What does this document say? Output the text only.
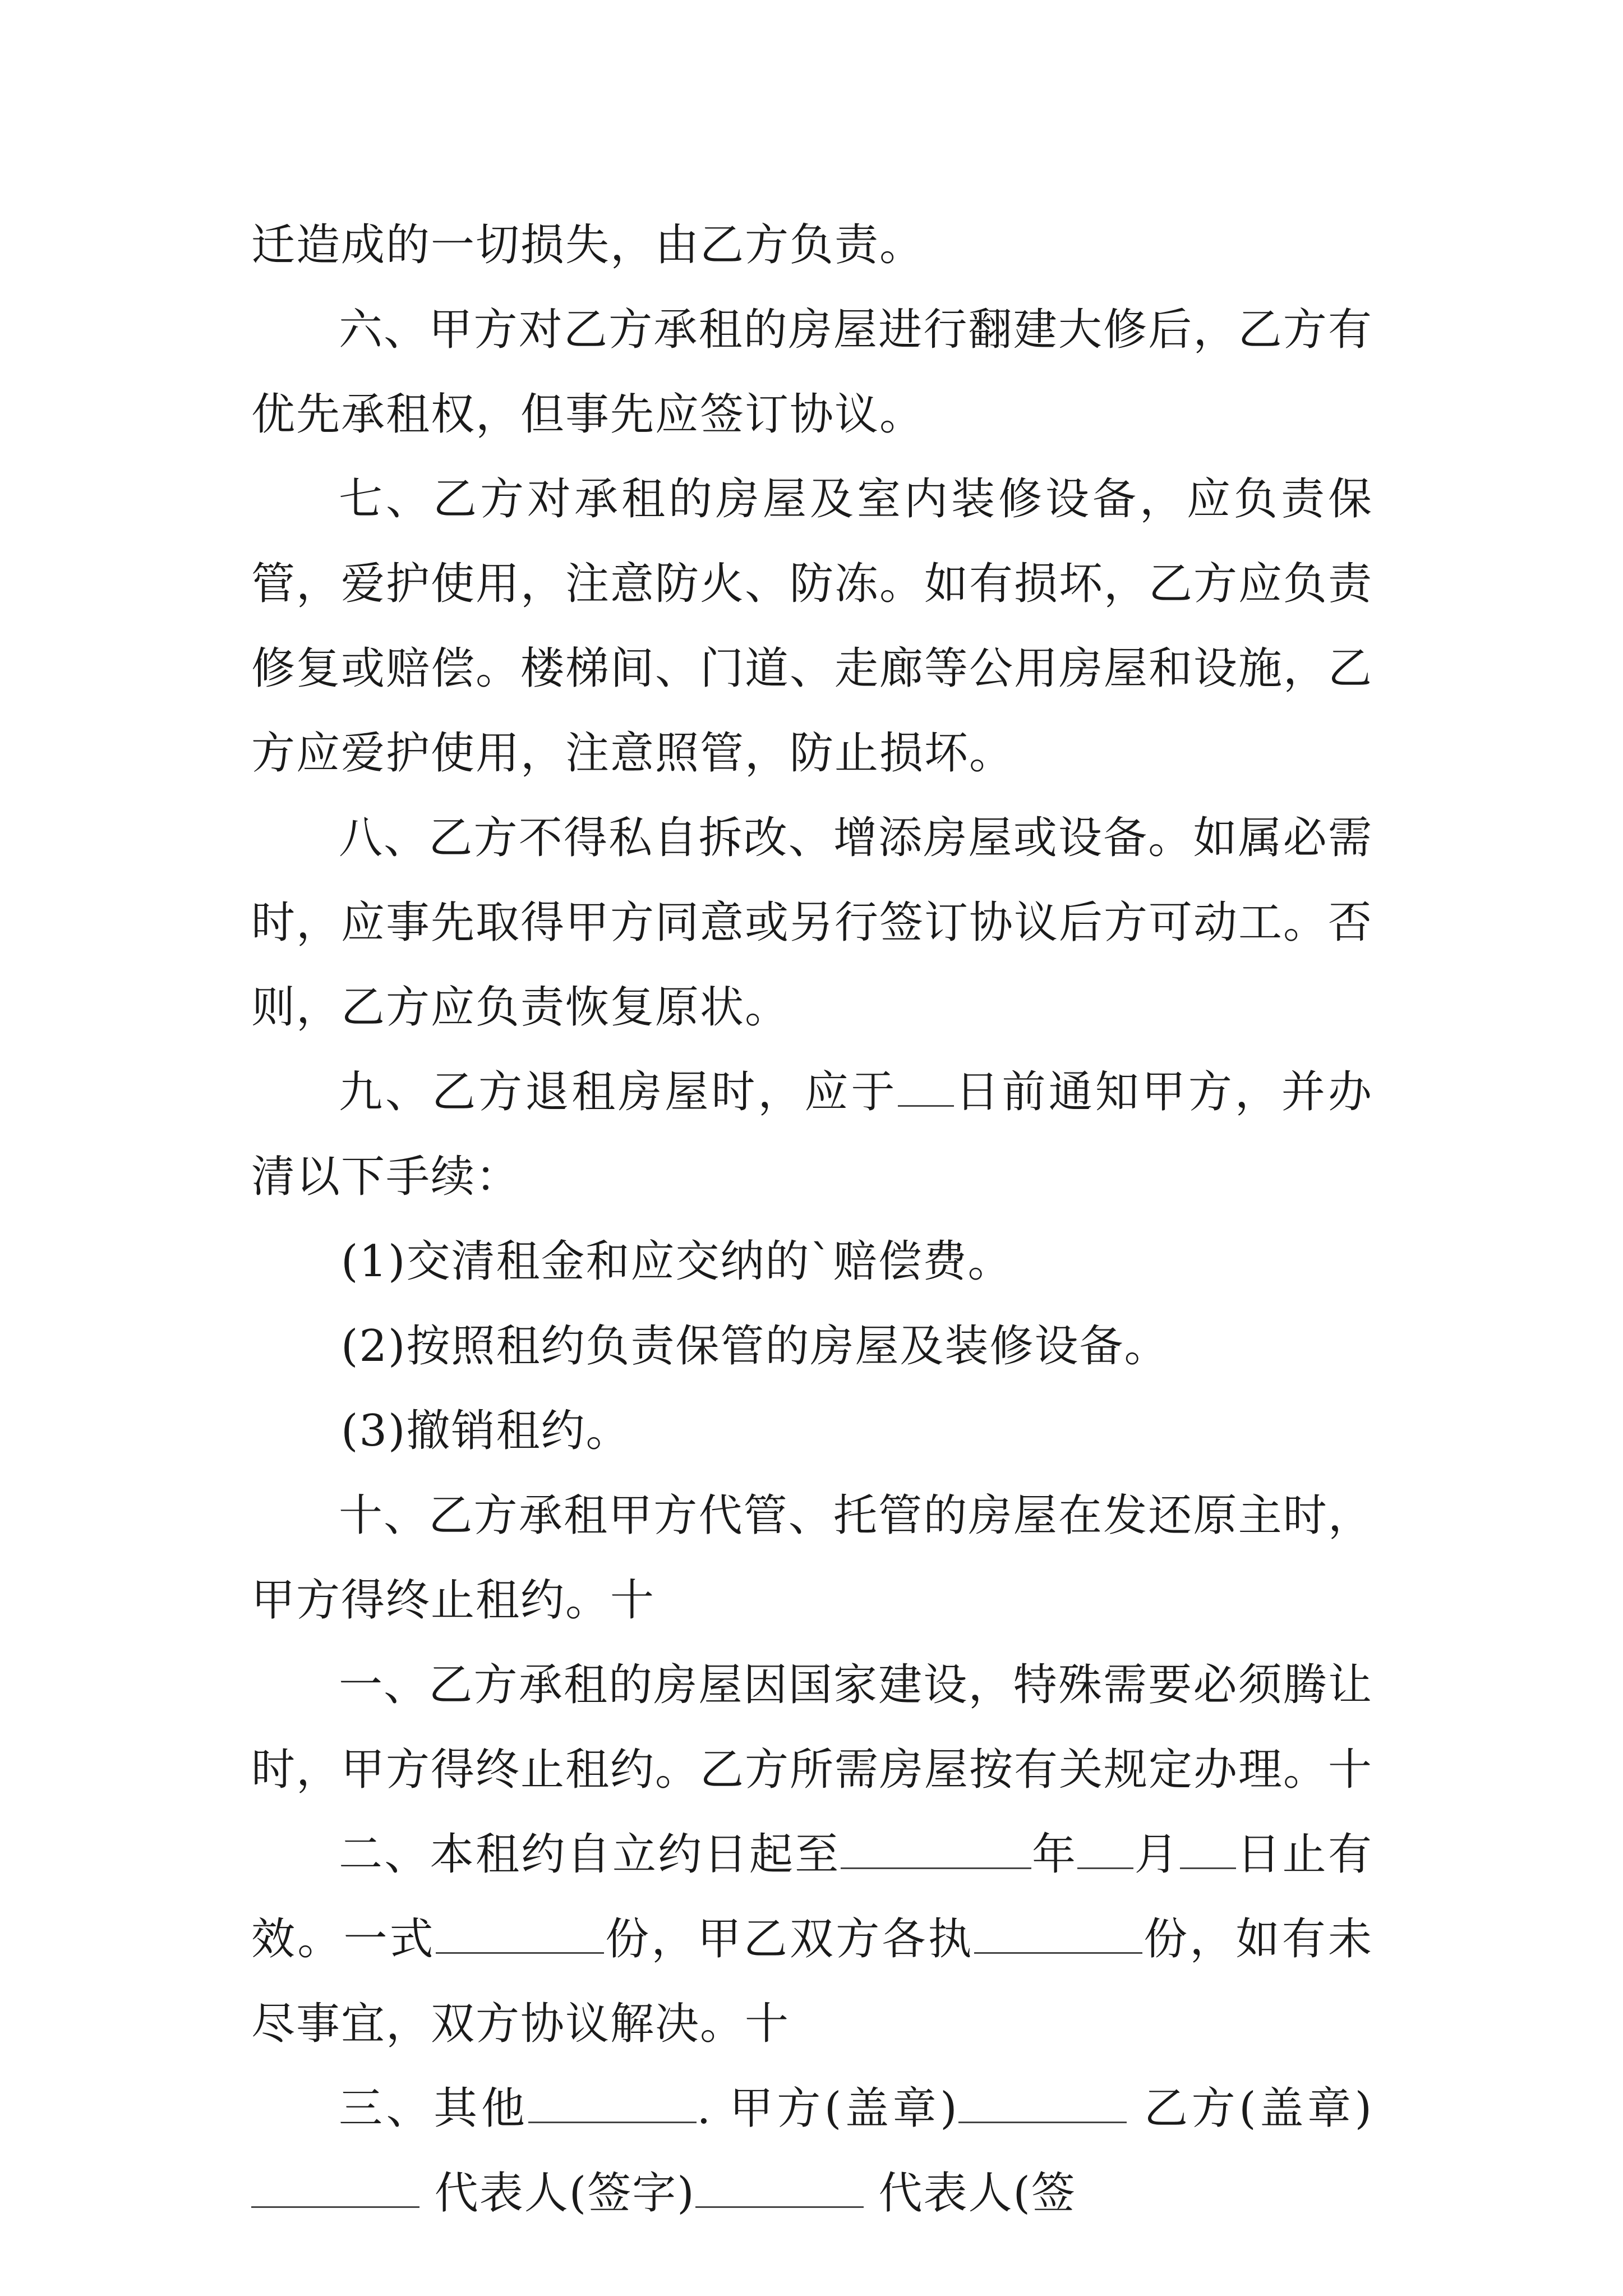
迁造成的一切损失，由乙方负责。

六、甲方对乙方承租的房屋进行翻建大修后，乙方有优先承租权，但事先应签订协议。

七、乙方对承租的房屋及室内装修设备，应负责保管，爱护使用，注意防火、防冻。如有损坏，乙方应负责修复或赔偿。楼梯间、门道、走廊等公用房屋和设施，乙方应爱护使用，注意照管，防止损坏。

八、乙方不得私自拆改、增添房屋或设备。如属必需时，应事先取得甲方同意或另行签订协议后方可动工。否则，乙方应负责恢复原状。

九、乙方退租房屋时，应于 日前通知甲方，并办清以下手续：

(1)交清租金和应交纳的`赔偿费。

(2)按照租约负责保管的房屋及装修设备。

(3)撤销租约。

十、乙方承租甲方代管、托管的房屋在发还原主时，甲方得终止租约。十

一、乙方承租的房屋因国家建设，特殊需要必须腾让时，甲方得终止租约。乙方所需房屋按有关规定办理。十

二、本租约自立约日起至	年 月 日止有效。一式	份，甲乙双方各执	份，如有未尽事宜，双方协议解决。十

三、其他	. 甲方(盖章)	乙方(盖章) 代表人(签字)	代表人(签
